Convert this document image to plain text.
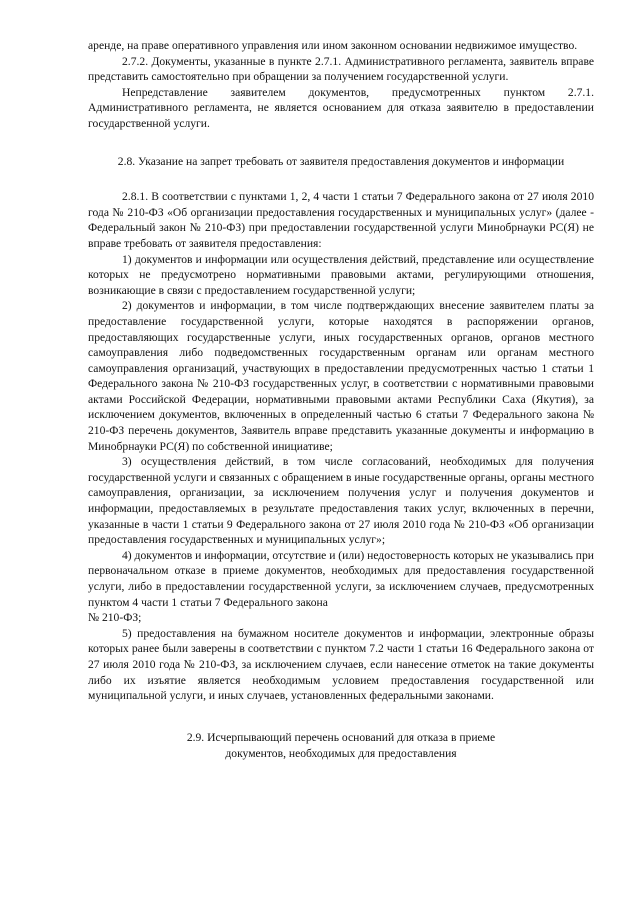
аренде, на праве оперативного управления или ином законном основании недвижимое имущество.

2.7.2. Документы, указанные в пункте 2.7.1. Административного регламента, заявитель вправе представить самостоятельно при обращении за получением государственной услуги.

Непредставление заявителем документов, предусмотренных пунктом 2.7.1. Административного регламента, не является основанием для отказа заявителю в предоставлении государственной услуги.

2.8. Указание на запрет требовать от заявителя предоставления документов и информации

2.8.1. В соответствии с пунктами 1, 2, 4 части 1 статьи 7 Федерального закона от 27 июля 2010 года № 210-ФЗ «Об организации предоставления государственных и муниципальных услуг» (далее - Федеральный закон № 210-ФЗ) при предоставлении государственной услуги Минобрнауки РС(Я) не вправе требовать от заявителя предоставления:

1) документов и информации или осуществления действий, представление или осуществление которых не предусмотрено нормативными правовыми актами, регулирующими отношения, возникающие в связи с предоставлением государственной услуги;

2) документов и информации, в том числе подтверждающих внесение заявителем платы за предоставление государственной услуги, которые находятся в распоряжении органов, предоставляющих государственные услуги, иных государственных органов, органов местного самоуправления либо подведомственных государственным органам или органам местного самоуправления организаций, участвующих в предоставлении предусмотренных частью 1 статьи 1 Федерального закона № 210-ФЗ государственных услуг, в соответствии с нормативными правовыми актами Российской Федерации, нормативными правовыми актами Республики Саха (Якутия), за исключением документов, включенных в определенный частью 6 статьи 7 Федерального закона № 210-ФЗ перечень документов, Заявитель вправе представить указанные документы и информацию в Минобрнауки РС(Я) по собственной инициативе;

3) осуществления действий, в том числе согласований, необходимых для получения государственной услуги и связанных с обращением в иные государственные органы, органы местного самоуправления, организации, за исключением получения услуг и получения документов и информации, предоставляемых в результате предоставления таких услуг, включенных в перечни, указанные в части 1 статьи 9 Федерального закона от 27 июля 2010 года № 210-ФЗ «Об организации предоставления государственных и муниципальных услуг»;

4) документов и информации, отсутствие и (или) недостоверность которых не указывались при первоначальном отказе в приеме документов, необходимых для предоставления государственной услуги, либо в предоставлении государственной услуги, за исключением случаев, предусмотренных пунктом 4 части 1 статьи 7 Федерального закона

№ 210-ФЗ;

5) предоставления на бумажном носителе документов и информации, электронные образы которых ранее были заверены в соответствии с пунктом 7.2 части 1 статьи 16 Федерального закона от 27 июля 2010 года № 210-ФЗ, за исключением случаев, если нанесение отметок на такие документы либо их изъятие является необходимым условием предоставления государственной или муниципальной услуги, и иных случаев, установленных федеральными законами.

2.9. Исчерпывающий перечень оснований для отказа в приеме
документов, необходимых для предоставления
